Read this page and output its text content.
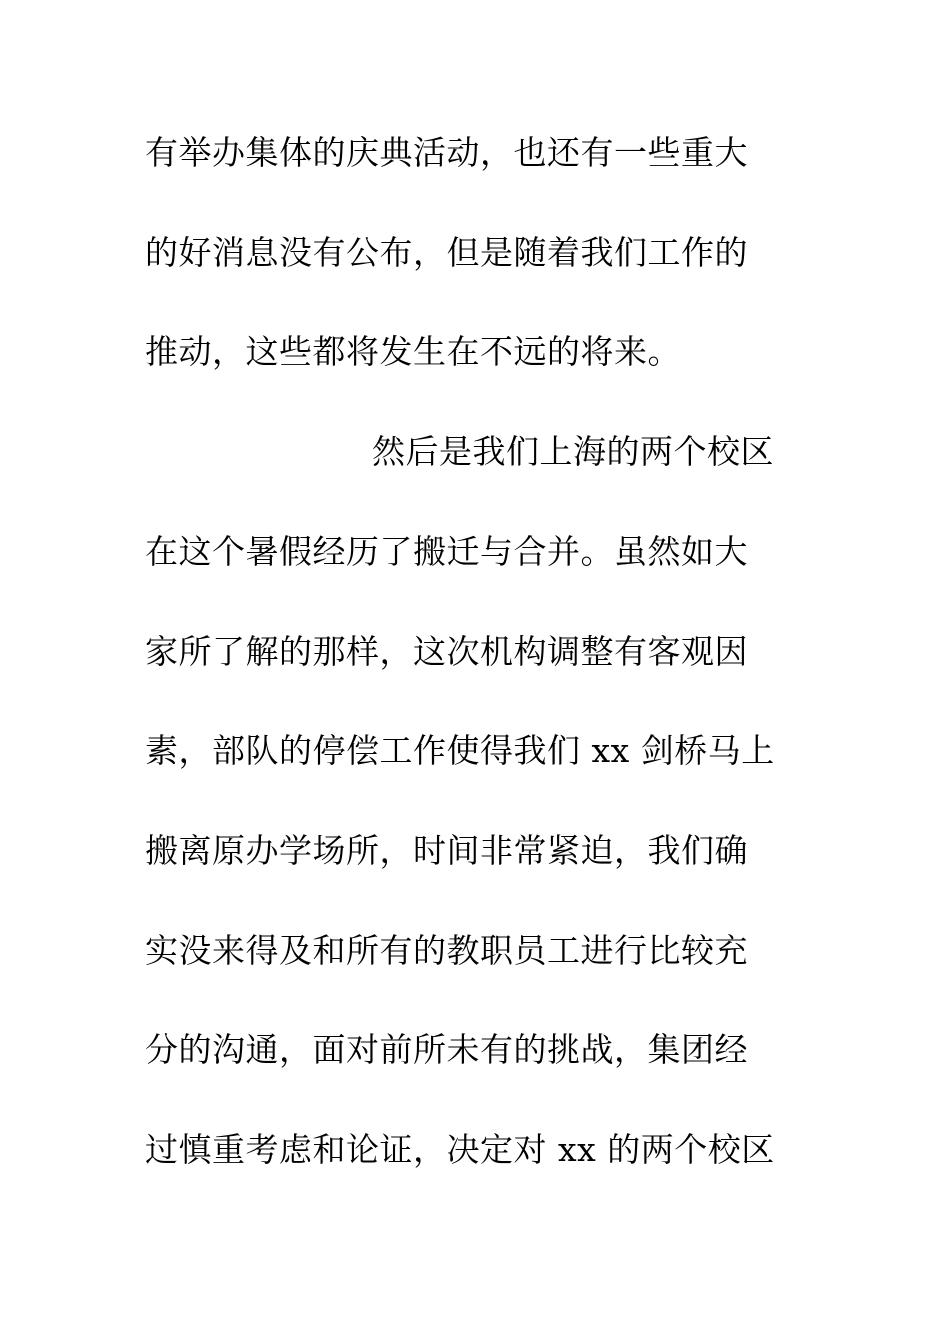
有举办集体的庆典活动，也还有一些重大
的好消息没有公布，但是随着我们工作的
推动，这些都将发生在不远的将来。
然后是我们上海的两个校区
在这个暑假经历了搬迁与合并。虽然如大
家所了解的那样，这次机构调整有客观因
素，部队的停偿工作使得我们 xx 剑桥马上
搬离原办学场所，时间非常紧迫，我们确
实没来得及和所有的教职员工进行比较充
分的沟通，面对前所未有的挑战，集团经
过慎重考虑和论证，决定对 xx 的两个校区
